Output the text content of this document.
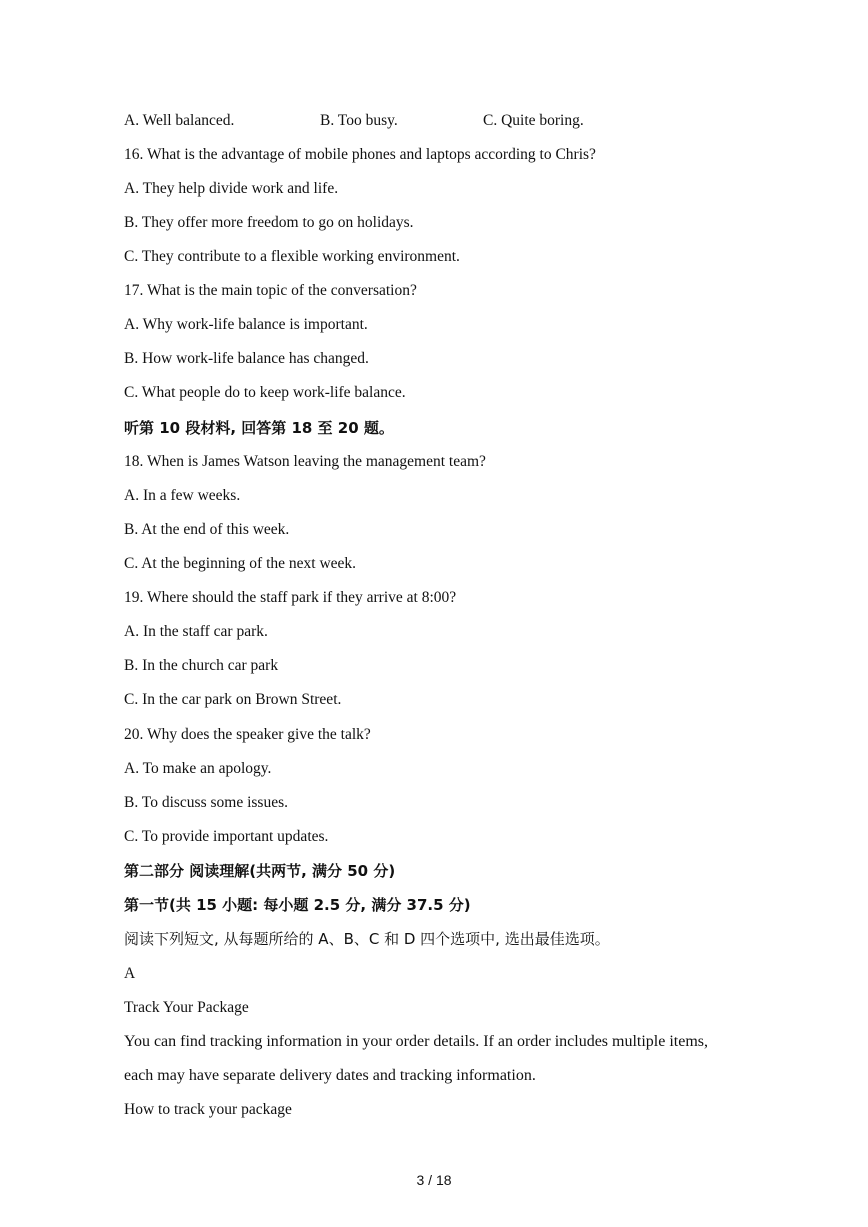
A. Well balanced.	B. Too busy.	C. Quite boring.
16. What is the advantage of mobile phones and laptops according to Chris?
A. They help divide work and life.
B. They offer more freedom to go on holidays.
C. They contribute to a flexible working environment.
17. What is the main topic of the conversation?
A. Why work-life balance is important.
B. How work-life balance has changed.
C. What people do to keep work-life balance.
听第 10 段材料, 回答第 18 至 20 题。
18. When is James Watson leaving the management team?
A. In a few weeks.
B. At the end of this week.
C. At the beginning of the next week.
19. Where should the staff park if they arrive at 8:00?
A. In the staff car park.
B. In the church car park
C. In the car park on Brown Street.
20. Why does the speaker give the talk?
A. To make an apology.
B. To discuss some issues.
C. To provide important updates.
第二部分 阅读理解(共两节, 满分 50 分)
第一节(共 15 小题: 每小题 2.5 分, 满分 37.5 分)
阅读下列短文, 从每题所给的 A、B、C 和 D 四个选项中, 选出最佳选项。
A
Track Your Package
You can find tracking information in your order details. If an order includes multiple items,
each may have separate delivery dates and tracking information.
How to track your package
3 / 18
